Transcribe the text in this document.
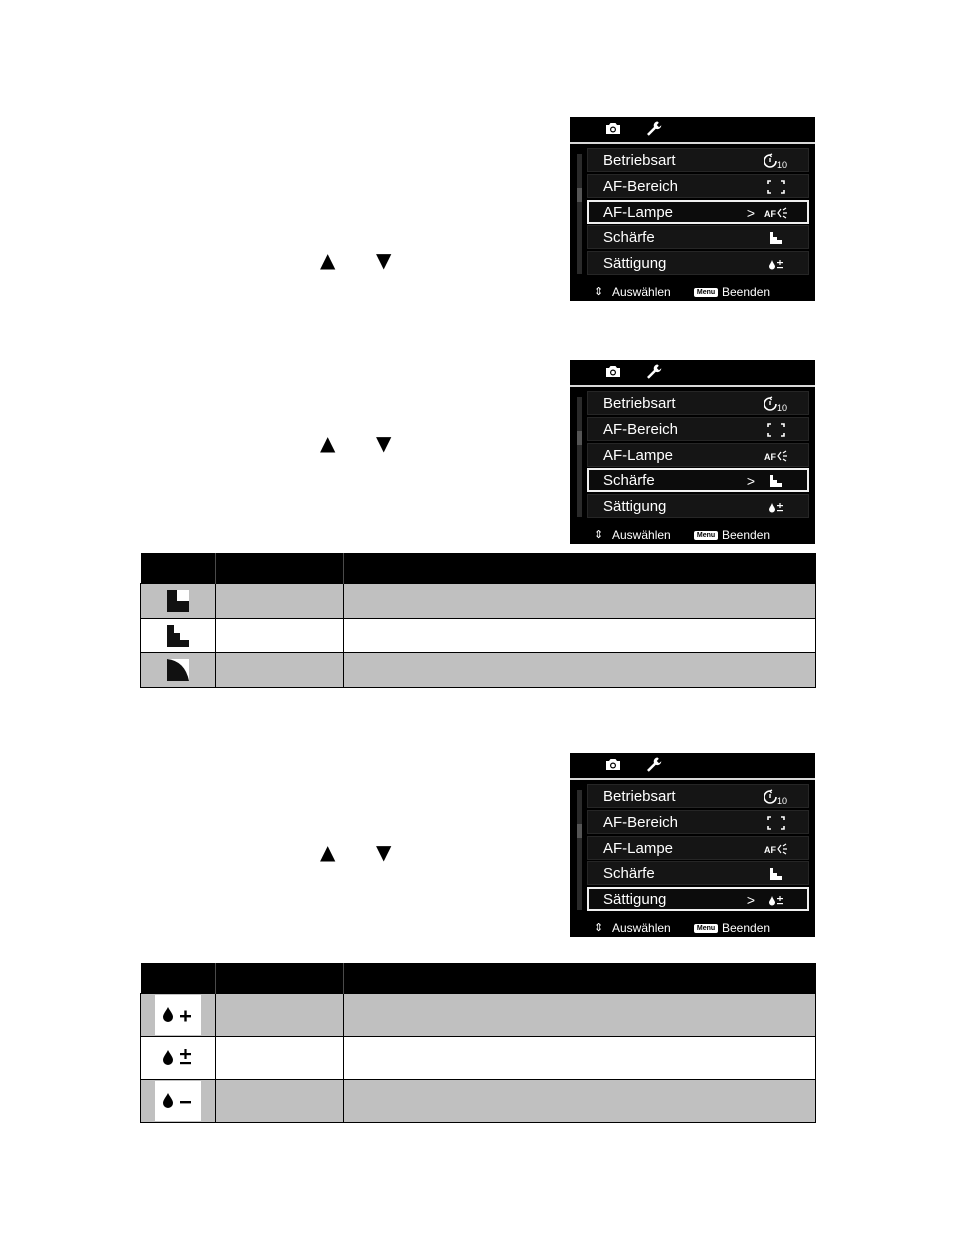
▲ ▼
▲ ▼
▲ ▼
Betriebsart	10
AF-Bereich
AF-Lampe	> AF
Schärfe
Sättigung
⇕ Auswählen	Menu Beenden
Betriebsart	10
AF-Bereich
AF-Lampe	AF
Schärfe	>
Sättigung
⇕ Auswählen	Menu Beenden
Betriebsart	10
AF-Bereich
AF-Lampe	AF
Schärfe
Sättigung	>
⇕ Auswählen	Menu Beenden
